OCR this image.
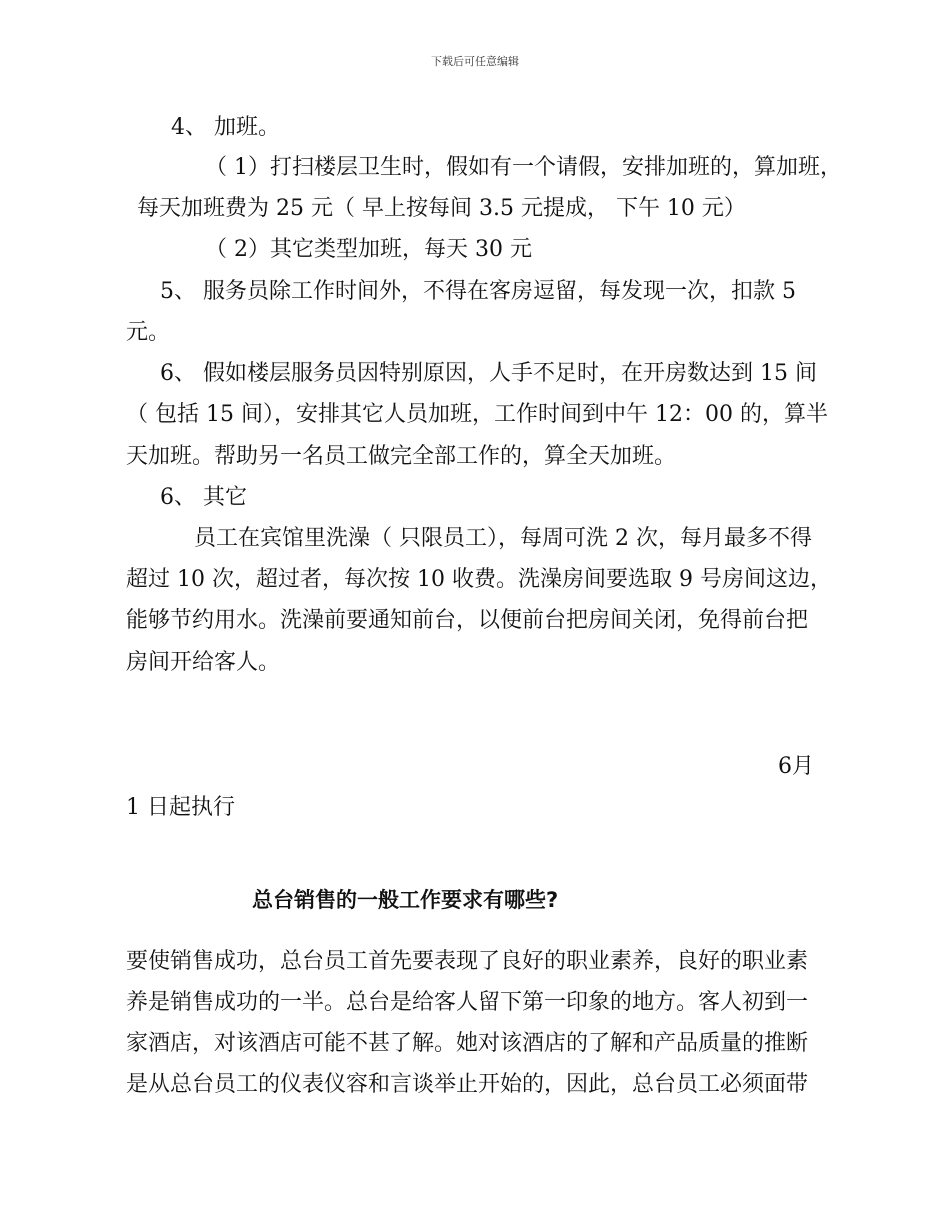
下载后可任意编辑
4、 加班。
（ 1）打扫楼层卫生时，假如有一个请假，安排加班的，算加班，
每天加班费为 25 元（ 早上按每间 3.5 元提成， 下午 10 元）
（ 2）其它类型加班，每天 30 元
5、 服务员除工作时间外，不得在客房逗留，每发现一次，扣款 5
元。
6、 假如楼层服务员因特别原因，人手不足时，在开房数达到 15 间
（ 包括 15 间），安排其它人员加班，工作时间到中午 12：00 的，算半
天加班。帮助另一名员工做完全部工作的，算全天加班。
6、 其它
员工在宾馆里洗澡（ 只限员工），每周可洗 2 次，每月最多不得
超过 10 次，超过者，每次按 10 收费。洗澡房间要选取 9 号房间这边，
能够节约用水。洗澡前要通知前台，以便前台把房间关闭，免得前台把
房间开给客人。
6月
1 日起执行
总台销售的一般工作要求有哪些?
要使销售成功，总台员工首先要表现了良好的职业素养，良好的职业素
养是销售成功的一半。总台是给客人留下第一印象的地方。客人初到一
家酒店，对该酒店可能不甚了解。她对该酒店的了解和产品质量的推断
是从总台员工的仪表仪容和言谈举止开始的，因此，总台员工必须面带
